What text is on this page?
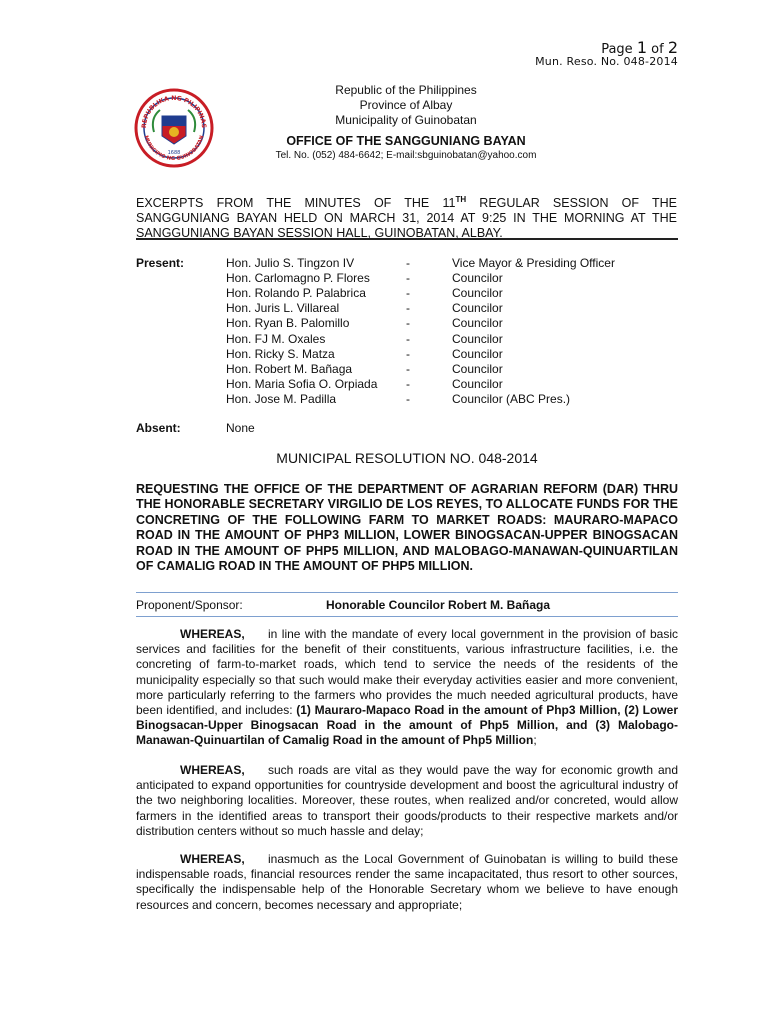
Page 1 of 2
Mun. Reso. No. 048-2014
REPUBLIKA NG PILIPINAS
MUNICIPIO NG GUINOBATAN
1688
Republic of the Philippines
Province of Albay
Municipality of Guinobatan
OFFICE OF THE SANGGUNIANG BAYAN
Tel. No. (052) 484-6642; E-mail:sbguinobatan@yahoo.com
EXCERPTS FROM THE MINUTES OF THE 11TH REGULAR SESSION OF THE SANGGUNIANG BAYAN HELD ON MARCH 31, 2014 AT 9:25 IN THE MORNING AT THE SANGGUNIANG BAYAN SESSION HALL, GUINOBATAN, ALBAY.
Present:	Hon. Julio S. Tingzon IV	-	Vice Mayor & Presiding Officer
Hon. Carlomagno P. Flores	-	Councilor
Hon. Rolando P. Palabrica	-	Councilor
Hon. Juris L. Villareal	-	Councilor
Hon. Ryan B. Palomillo	-	Councilor
Hon. FJ M. Oxales	-	Councilor
Hon. Ricky S. Matza	-	Councilor
Hon. Robert M. Bañaga	-	Councilor
Hon. Maria Sofia O. Orpiada -	Councilor
Hon. Jose M. Padilla	-	Councilor (ABC Pres.)
Absent:	None
MUNICIPAL RESOLUTION NO. 048-2014
REQUESTING THE OFFICE OF THE DEPARTMENT OF AGRARIAN REFORM (DAR) THRU THE HONORABLE SECRETARY VIRGILIO DE LOS REYES, TO ALLOCATE FUNDS FOR THE CONCRETING OF THE FOLLOWING FARM TO MARKET ROADS: MAURARO-MAPACO ROAD IN THE AMOUNT OF PHP3 MILLION, LOWER BINOGSACAN-UPPER BINOGSACAN ROAD IN THE AMOUNT OF PHP5 MILLION, AND MALOBAGO-MANAWAN-QUINUARTILAN OF CAMALIG ROAD IN THE AMOUNT OF PHP5 MILLION.
Proponent/Sponsor:	Honorable Councilor Robert M. Bañaga
WHEREAS, in line with the mandate of every local government in the provision of basic services and facilities for the benefit of their constituents, various infrastructure facilities, i.e. the concreting of farm-to-market roads, which tend to service the needs of the residents of the municipality especially so that such would make their everyday activities easier and more convenient, more particularly referring to the farmers who provides the much needed agricultural products, have been identified, and includes: (1) Mauraro-Mapaco Road in the amount of Php3 Million, (2) Lower Binogsacan-Upper Binogsacan Road in the amount of Php5 Million, and (3) Malobago-Manawan-Quinuartilan of Camalig Road in the amount of Php5 Million;
WHEREAS, such roads are vital as they would pave the way for economic growth and anticipated to expand opportunities for countryside development and boost the agricultural industry of the two neighboring localities. Moreover, these routes, when realized and/or concreted, would allow farmers in the identified areas to transport their goods/products to their respective markets and/or distribution centers without so much hassle and delay;
WHEREAS, inasmuch as the Local Government of Guinobatan is willing to build these indispensable roads, financial resources render the same incapacitated, thus resort to other sources, specifically the indispensable help of the Honorable Secretary whom we believe to have enough resources and concern, becomes necessary and appropriate;
